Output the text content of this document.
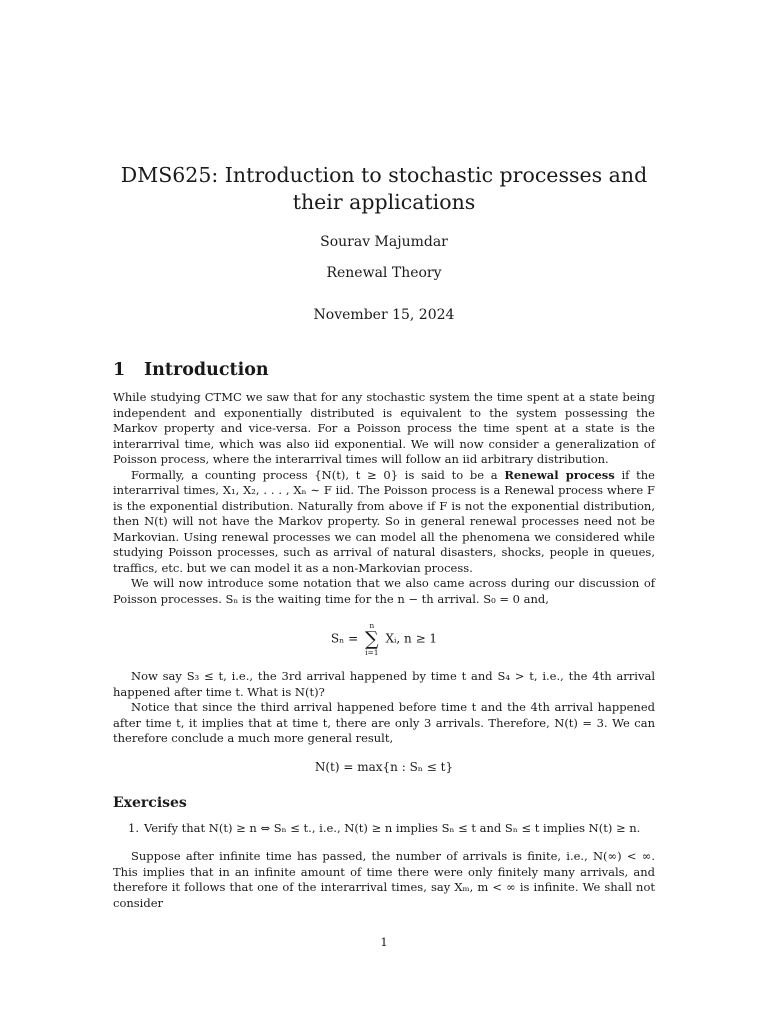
DMS625: Introduction to stochastic processes and their applications
Sourav Majumdar
Renewal Theory
November 15, 2024
1 Introduction

While studying CTMC we saw that for any stochastic system the time spent at a state being independent and exponentially distributed is equivalent to the system possessing the Markov property and vice-versa. For a Poisson process the time spent at a state is the interarrival time, which was also iid exponential. We will now consider a generalization of Poisson process, where the interarrival times will follow an iid arbitrary distribution.

Formally, a counting process {N(t), t ≥ 0} is said to be a Renewal process if the interarrival times, X₁, X₂, . . . , Xₙ ∼ F iid. The Poisson process is a Renewal process where F is the exponential distribution. Naturally from above if F is not the exponential distribution, then N(t) will not have the Markov property. So in general renewal processes need not be Markovian. Using renewal processes we can model all the phenomena we considered while studying Poisson processes, such as arrival of natural disasters, shocks, people in queues, traffics, etc. but we can model it as a non-Markovian process.

We will now introduce some notation that we also came across during our discussion of Poisson processes. Sₙ is the waiting time for the n − th arrival. S₀ = 0 and,

Sₙ =
n
∑
i=1
Xᵢ, n ≥ 1

Now say S₃ ≤ t, i.e., the 3rd arrival happened by time t and S₄ > t, i.e., the 4th arrival happened after time t. What is N(t)?

Notice that since the third arrival happened before time t and the 4th arrival happened after time t, it implies that at time t, there are only 3 arrivals. Therefore, N(t) = 3. We can therefore conclude a much more general result,

N(t) = max{n : Sₙ ≤ t}
Exercises
1. Verify that N(t) ≥ n ⇔ Sₙ ≤ t., i.e., N(t) ≥ n implies Sₙ ≤ t and Sₙ ≤ t implies N(t) ≥ n.

Suppose after infinite time has passed, the number of arrivals is finite, i.e., N(∞) < ∞. This implies that in an infinite amount of time there were only finitely many arrivals, and therefore it follows that one of the interarrival times, say Xₘ, m < ∞ is infinite. We shall not consider

1
